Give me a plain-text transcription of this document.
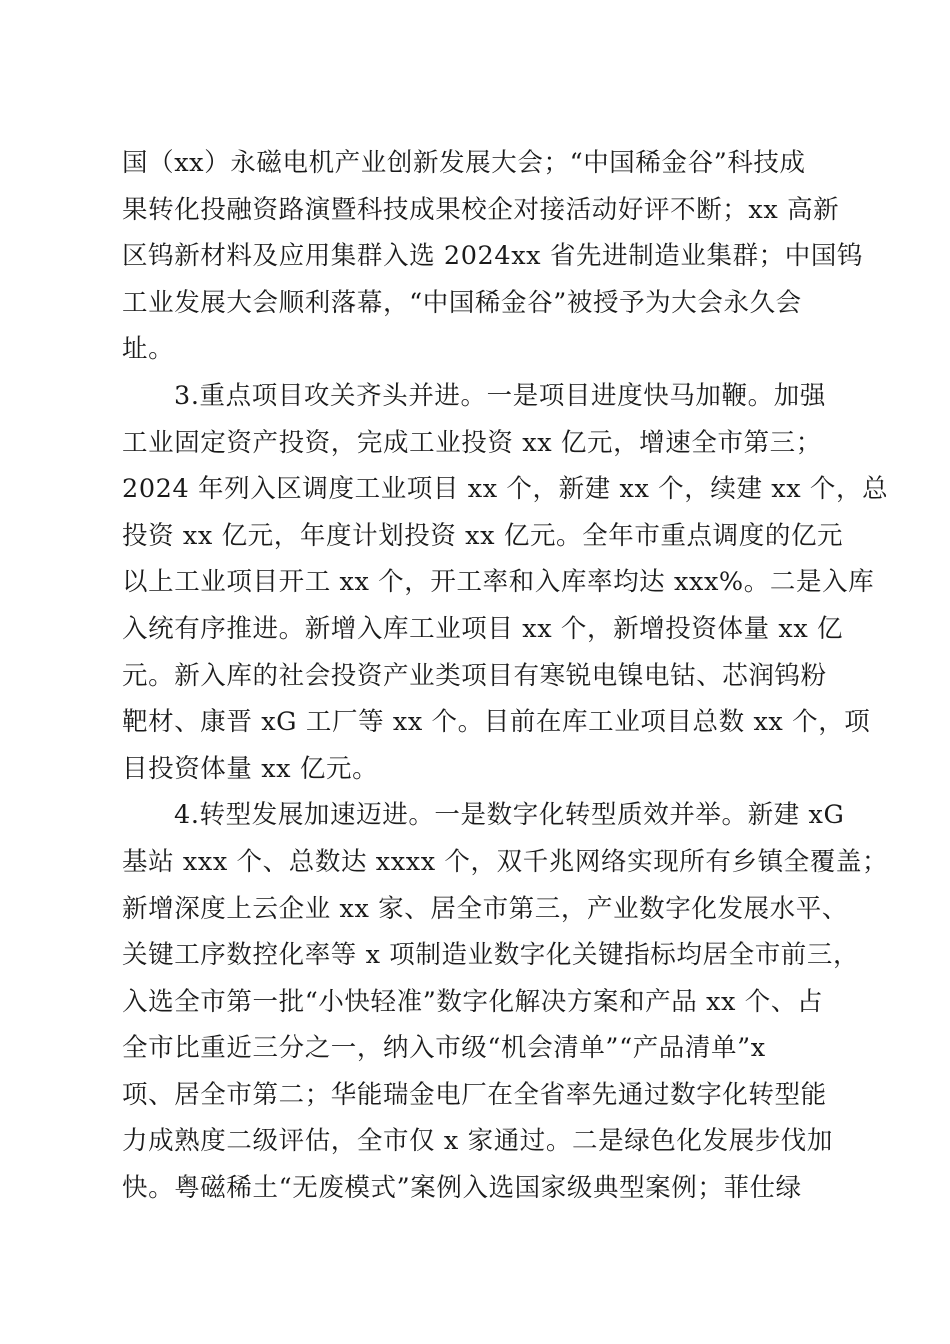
国（xx）永磁电机产业创新发展大会；“中国稀金谷”科技成
果转化投融资路演暨科技成果校企对接活动好评不断；xx 高新
区钨新材料及应用集群入选 2024xx 省先进制造业集群；中国钨
工业发展大会顺利落幕，“中国稀金谷”被授予为大会永久会
址。
3.重点项目攻关齐头并进。一是项目进度快马加鞭。加强
工业固定资产投资，完成工业投资 xx 亿元，增速全市第三；
2024 年列入区调度工业项目 xx 个，新建 xx 个，续建 xx 个，总
投资 xx 亿元，年度计划投资 xx 亿元。全年市重点调度的亿元
以上工业项目开工 xx 个，开工率和入库率均达 xxx%。二是入库
入统有序推进。新增入库工业项目 xx 个，新增投资体量 xx 亿
元。新入库的社会投资产业类项目有寒锐电镍电钴、芯润钨粉
靶材、康晋 xG 工厂等 xx 个。目前在库工业项目总数 xx 个，项
目投资体量 xx 亿元。
4.转型发展加速迈进。一是数字化转型质效并举。新建 xG
基站 xxx 个、总数达 xxxx 个，双千兆网络实现所有乡镇全覆盖；
新增深度上云企业 xx 家、居全市第三，产业数字化发展水平、
关键工序数控化率等 x 项制造业数字化关键指标均居全市前三，
入选全市第一批“小快轻准”数字化解决方案和产品 xx 个、占
全市比重近三分之一，纳入市级“机会清单”“产品清单”x
项、居全市第二；华能瑞金电厂在全省率先通过数字化转型能
力成熟度二级评估，全市仅 x 家通过。二是绿色化发展步伐加
快。粤磁稀土“无废模式”案例入选国家级典型案例；菲仕绿
